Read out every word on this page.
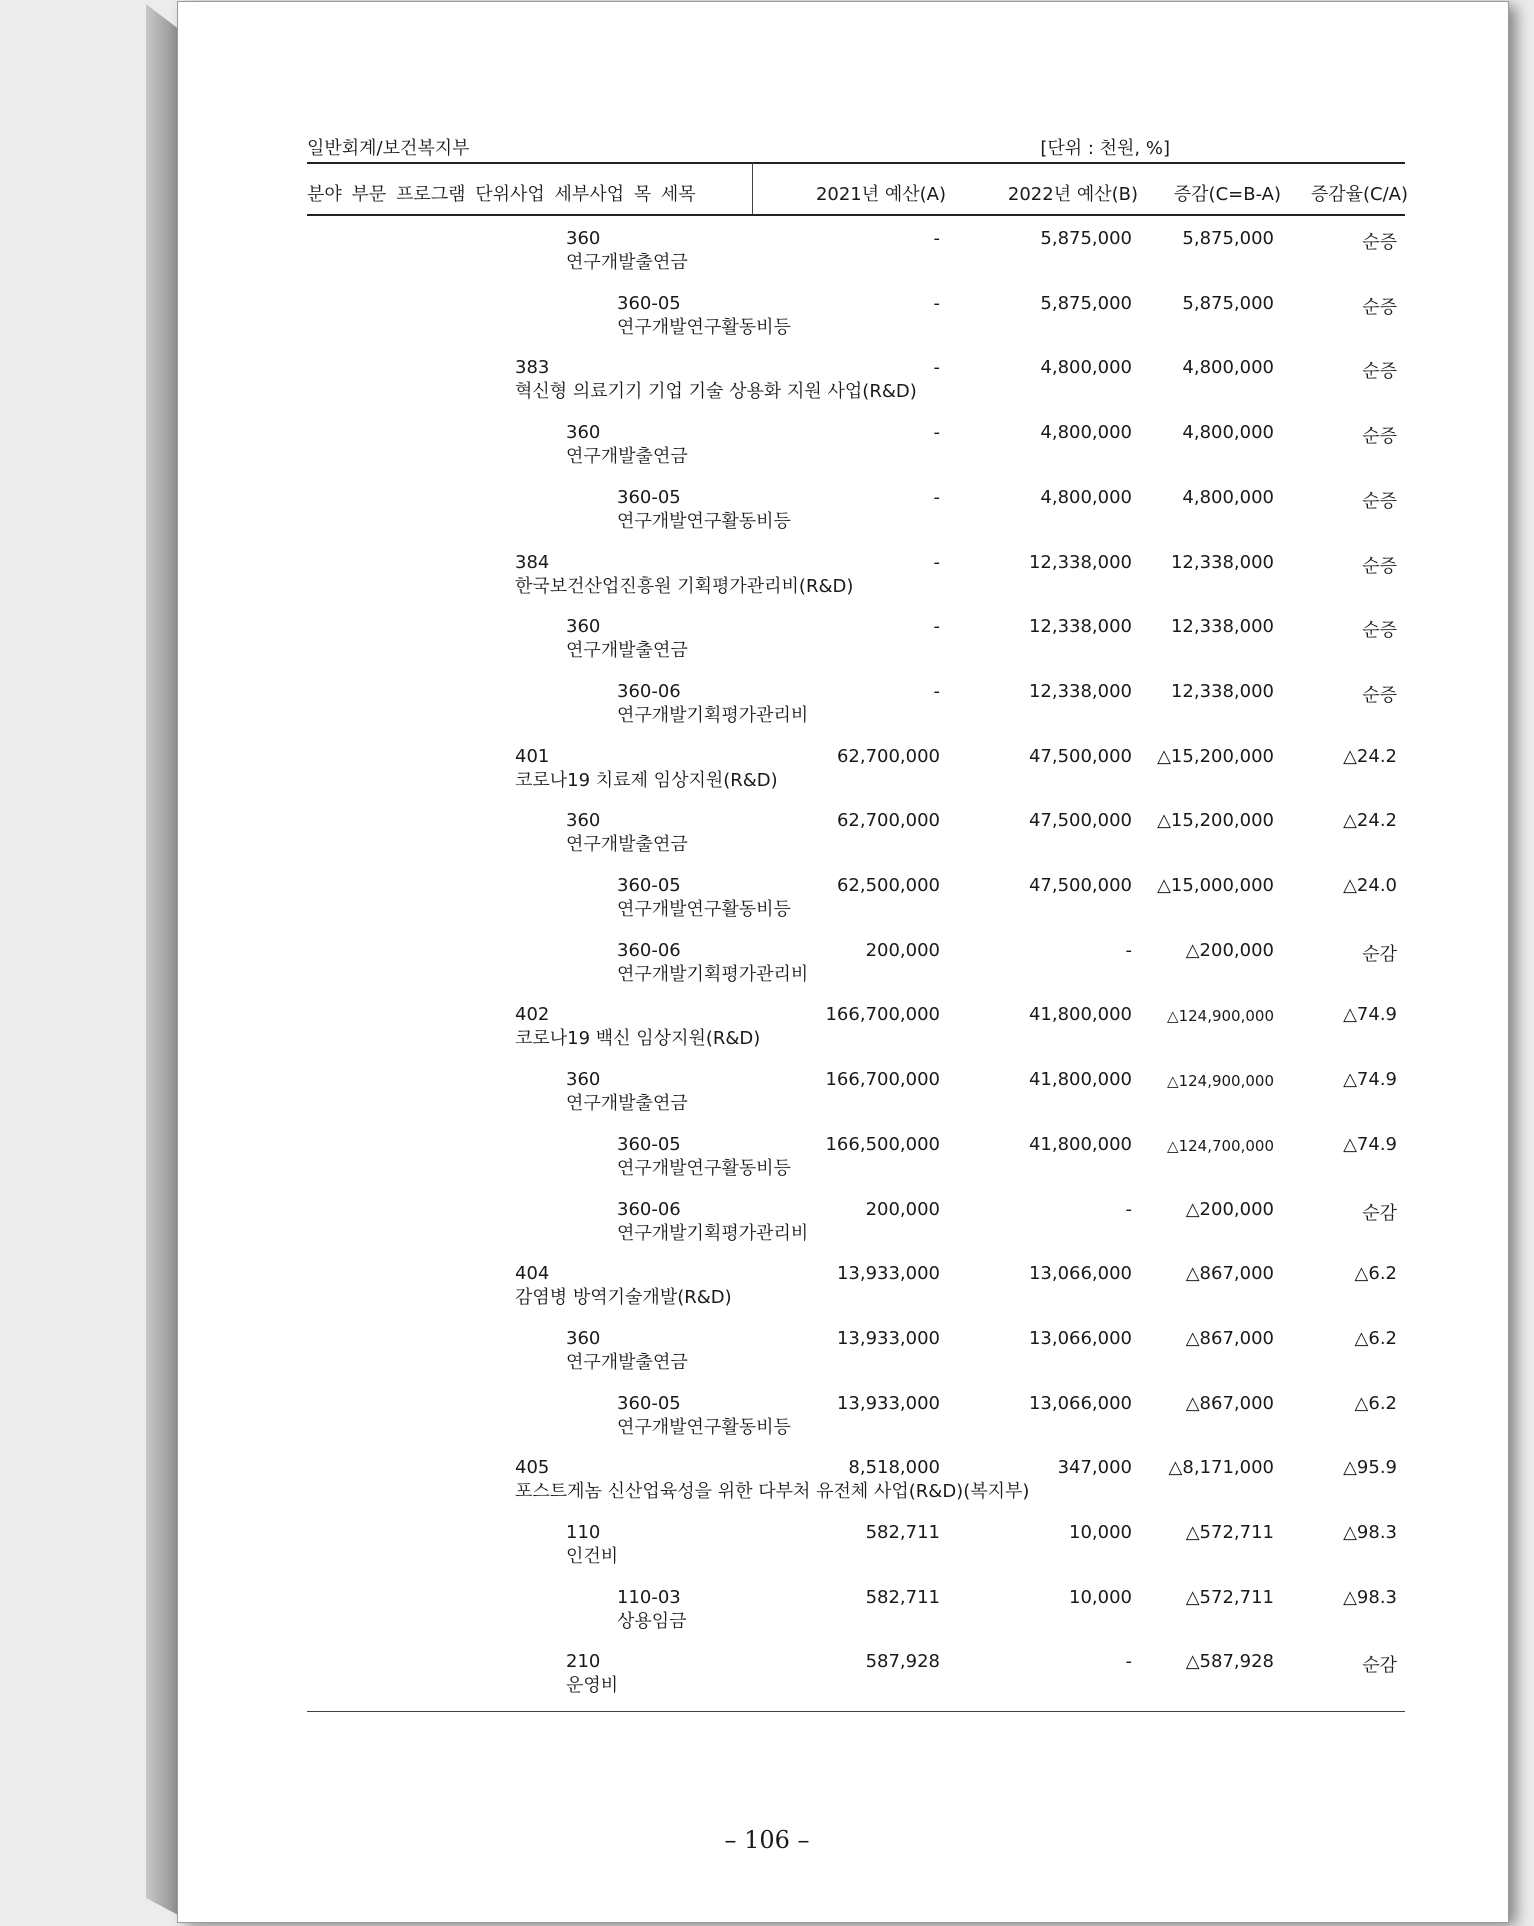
일반회계/보건복지부	[단위 : 천원, %]
분야 부문 프로그램 단위사업 세부사업 목 세목	2021년 예산(A)	2022년 예산(B) 증감(C=B-A) 증감율(C/A)
360
연구개발출연금
-	5,875,000	5,875,000	순증
360-05
연구개발연구활동비등
-	5,875,000	5,875,000	순증
383
혁신형 의료기기 기업 기술 상용화 지원 사업(R&D)
-	4,800,000	4,800,000	순증
360
연구개발출연금
-	4,800,000	4,800,000	순증
360-05
연구개발연구활동비등
-	4,800,000	4,800,000	순증
384
한국보건산업진흥원 기획평가관리비(R&D)
-	12,338,000 12,338,000	순증
360
연구개발출연금
-	12,338,000 12,338,000	순증
360-06
연구개발기획평가관리비
-	12,338,000 12,338,000	순증
401
코로나19 치료제 임상지원(R&D)
62,700,000	47,500,000 △15,200,000	△24.2
360
연구개발출연금
62,700,000	47,500,000 △15,200,000	△24.2
360-05
연구개발연구활동비등
62,500,000	47,500,000 △15,000,000	△24.0
360-06
연구개발기획평가관리비
200,000	-	△200,000	순감
402
코로나19 백신 임상지원(R&D)
166,700,000	41,800,000 △124,900,000	△74.9
360
연구개발출연금
166,700,000	41,800,000 △124,900,000	△74.9
360-05
연구개발연구활동비등
166,500,000	41,800,000 △124,700,000	△74.9
360-06
연구개발기획평가관리비
200,000	-	△200,000	순감
404
감염병 방역기술개발(R&D)
13,933,000	13,066,000	△867,000	△6.2
360
연구개발출연금
13,933,000	13,066,000	△867,000	△6.2
360-05
연구개발연구활동비등
13,933,000	13,066,000	△867,000	△6.2
405
포스트게놈 신산업육성을 위한 다부처 유전체 사업(R&D)(복지부)
8,518,000	347,000 △8,171,000	△95.9
110
인건비
582,711	10,000	△572,711	△98.3
110-03
상용임금
582,711	10,000	△572,711	△98.3
210
운영비
587,928	-	△587,928	순감
– 106 –
